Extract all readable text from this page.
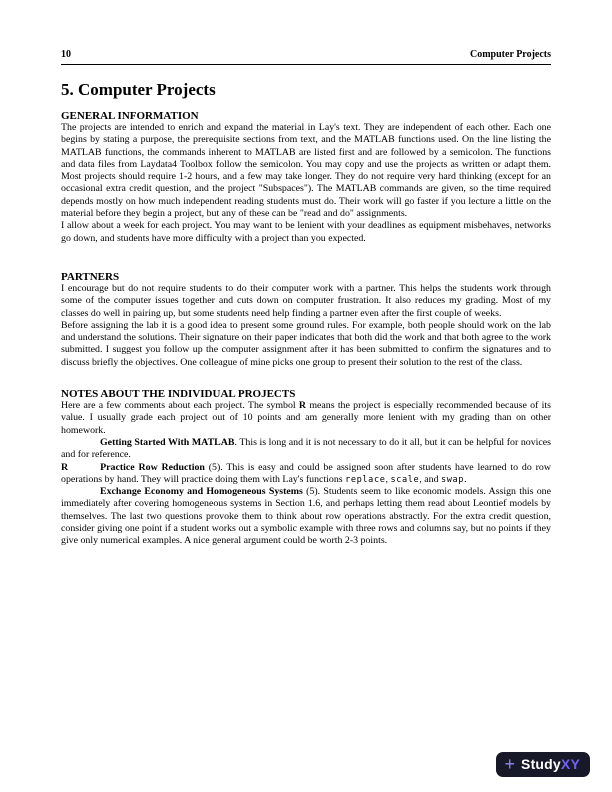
10	Computer Projects
5. Computer Projects
GENERAL INFORMATION

The projects are intended to enrich and expand the material in Lay's text. They are independent of each other. Each one begins by stating a purpose, the prerequisite sections from text, and the MATLAB functions used. On the line listing the MATLAB functions, the commands inherent to MATLAB are listed first and are followed by a semicolon. The functions and data files from Laydata4 Toolbox follow the semicolon. You may copy and use the projects as written or adapt them. Most projects should require 1-2 hours, and a few may take longer. They do not require very hard thinking (except for an occasional extra credit question, and the project "Subspaces"). The MATLAB commands are given, so the time required depends mostly on how much independent reading students must do. Their work will go faster if you lecture a little on the material before they begin a project, but any of these can be "read and do" assignments.

I allow about a week for each project. You may want to be lenient with your deadlines as equipment misbehaves, networks go down, and students have more difficulty with a project than you expected.

PARTNERS

I encourage but do not require students to do their computer work with a partner. This helps the students work through some of the computer issues together and cuts down on computer frustration. It also reduces my grading. Most of my classes do well in pairing up, but some students need help finding a partner even after the first couple of weeks.

Before assigning the lab it is a good idea to present some ground rules. For example, both people should work on the lab and understand the solutions. Their signature on their paper indicates that both did the work and that both agree to the work submitted. I suggest you follow up the computer assignment after it has been submitted to confirm the signatures and to discuss briefly the objectives. One colleague of mine picks one group to present their solution to the rest of the class.

NOTES ABOUT THE INDIVIDUAL PROJECTS

Here are a few comments about each project. The symbol R means the project is especially recommended because of its value. I usually grade each project out of 10 points and am generally more lenient with my grading than on other homework.

Getting Started With MATLAB. This is long and it is not necessary to do it all, but it can be helpful for novices and for reference.

R	Practice Row Reduction (5). This is easy and could be assigned soon after students have learned to do row operations by hand. They will practice doing them with Lay's functions replace, scale, and swap.

Exchange Economy and Homogeneous Systems (5). Students seem to like economic models. Assign this one immediately after covering homogeneous systems in Section 1.6, and perhaps letting them read about Leontief models by themselves. The last two questions provoke them to think about row operations abstractly. For the extra credit question, consider giving one point if a student works out a symbolic example with three rows and columns say, but no points if they give only numerical examples. A nice general argument could be worth 2-3 points.

+ StudyXY
